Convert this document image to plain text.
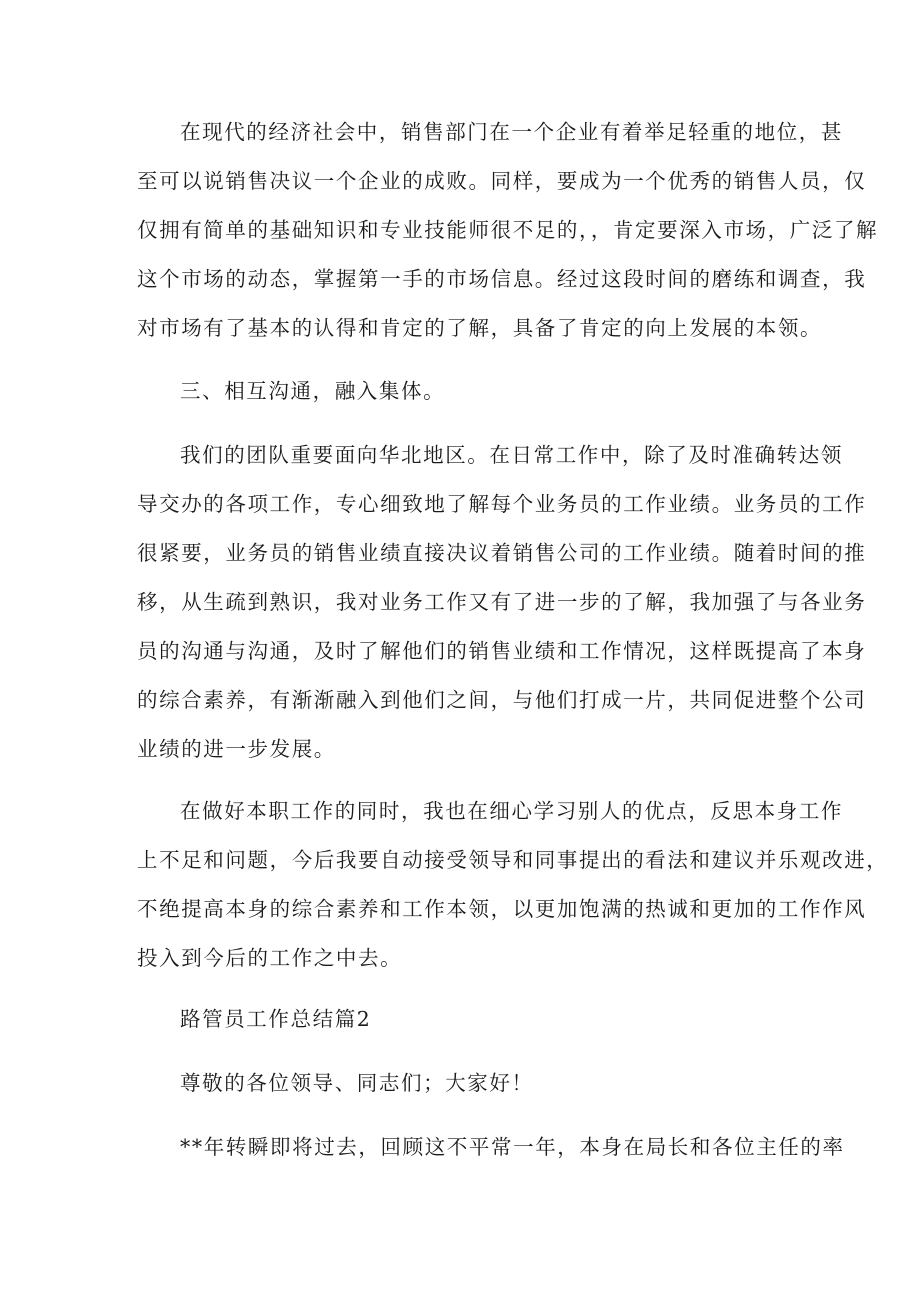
在现代的经济社会中，销售部门在一个企业有着举足轻重的地位，甚
至可以说销售决议一个企业的成败。同样，要成为一个优秀的销售人员，仅
仅拥有简单的基础知识和专业技能师很不足的，，肯定要深入市场，广泛了解
这个市场的动态，掌握第一手的市场信息。经过这段时间的磨练和调查，我
对市场有了基本的认得和肯定的了解，具备了肯定的向上发展的本领。
三、相互沟通，融入集体。
我们的团队重要面向华北地区。在日常工作中，除了及时准确转达领
导交办的各项工作，专心细致地了解每个业务员的工作业绩。业务员的工作
很紧要，业务员的销售业绩直接决议着销售公司的工作业绩。随着时间的推
移，从生疏到熟识，我对业务工作又有了进一步的了解，我加强了与各业务
员的沟通与沟通，及时了解他们的销售业绩和工作情况，这样既提高了本身
的综合素养，有渐渐融入到他们之间，与他们打成一片，共同促进整个公司
业绩的进一步发展。
在做好本职工作的同时，我也在细心学习别人的优点，反思本身工作
上不足和问题，今后我要自动接受领导和同事提出的看法和建议并乐观改进，
不绝提高本身的综合素养和工作本领，以更加饱满的热诚和更加的工作作风
投入到今后的工作之中去。
路管员工作总结篇2
尊敬的各位领导、同志们；大家好！
**年转瞬即将过去，回顾这不平常一年，本身在局长和各位主任的率
